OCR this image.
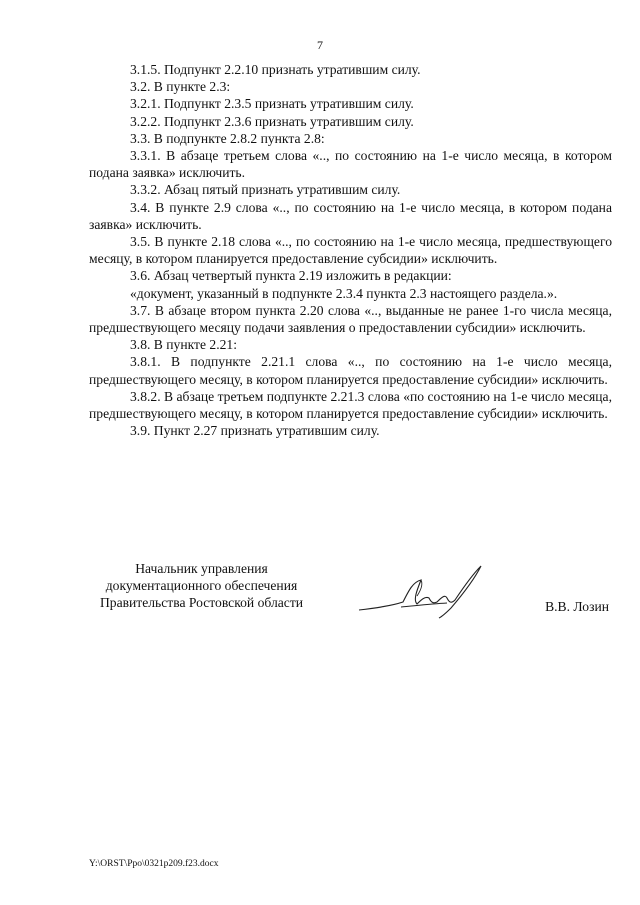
7

3.1.5. Подпункт 2.2.10 признать утратившим силу.

3.2. В пункте 2.3:

3.2.1. Подпункт 2.3.5 признать утратившим силу.

3.2.2. Подпункт 2.3.6 признать утратившим силу.

3.3. В подпункте 2.8.2 пункта 2.8:

3.3.1. В абзаце третьем слова «.., по состоянию на 1-е число месяца, в котором подана заявка» исключить.

3.3.2. Абзац пятый признать утратившим силу.

3.4. В пункте 2.9 слова «.., по состоянию на 1-е число месяца, в котором подана заявка» исключить.

3.5. В пункте 2.18 слова «.., по состоянию на 1-е число месяца, предшествующего месяцу, в котором планируется предоставление субсидии» исключить.

3.6. Абзац четвертый пункта 2.19 изложить в редакции:

«документ, указанный в подпункте 2.3.4 пункта 2.3 настоящего раздела.».

3.7. В абзаце втором пункта 2.20 слова «.., выданные не ранее 1-го числа месяца, предшествующего месяцу подачи заявления о предоставлении субсидии» исключить.

3.8. В пункте 2.21:

3.8.1. В подпункте 2.21.1 слова «.., по состоянию на 1-е число месяца, предшествующего месяцу, в котором планируется предоставление субсидии» исключить.

3.8.2. В абзаце третьем подпункте 2.21.3 слова «по состоянию на 1-е число месяца, предшествующего месяцу, в котором планируется предоставление субсидии» исключить.

3.9. Пункт 2.27 признать утратившим силу.

Начальник управления
документационного обеспечения
Правительства Ростовской области	В.В. Лозин
Y:\ORST\Ppo\0321p209.f23.docx
